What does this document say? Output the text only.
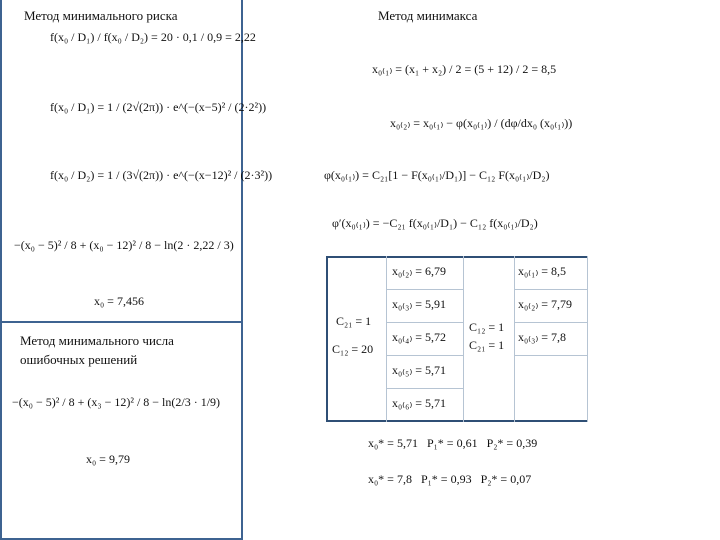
Метод минимального риска
f(x₀ / D₁) / f(x₀ / D₂) = 20 · 0,1 / 0,9 = 2,22
f(x₀ / D₁) = 1 / (2√(2π)) · e^(−(x−5)² / (2·2²))
f(x₀ / D₂) = 1 / (3√(2π)) · e^(−(x−12)² / (2·3²))
−(x₀ − 5)² / 8 + (x₀ − 12)² / 8 − ln(2 · 2,22 / 3)
x₀ = 7,456
Метод минимального числа
ошибочных решений
−(x₀ − 5)² / 8 + (x₃ − 12)² / 8 − ln(2/3 · 1/9)
x₀ = 9,79
Метод минимакса
x₀₍₁₎ = (x₁ + x₂) / 2 = (5 + 12) / 2 = 8,5
x₀₍₂₎ = x₀₍₁₎ − φ(x₀₍₁₎) / (dφ/dx₀ (x₀₍₁₎))
φ(x₀₍₁₎) = C₂₁[1 − F(x₀₍₁₎/D₁)] − C₁₂ F(x₀₍₁₎/D₂)
φ′(x₀₍₁₎) = −C₂₁ f(x₀₍₁₎/D₁) − C₁₂ f(x₀₍₁₎/D₂)
C₂₁ = 1
C₁₂ = 20
x₀₍₂₎ = 6,79
x₀₍₃₎ = 5,91
x₀₍₄₎ = 5,72
x₀₍₅₎ = 5,71
x₀₍₆₎ = 5,71
C₁₂ = 1
C₂₁ = 1
x₀₍₁₎ = 8,5
x₀₍₂₎ = 7,79
x₀₍₃₎ = 7,8
x₀* = 5,71   P₁* = 0,61   P₂* = 0,39
x₀* = 7,8   P₁* = 0,93   P₂* = 0,07
